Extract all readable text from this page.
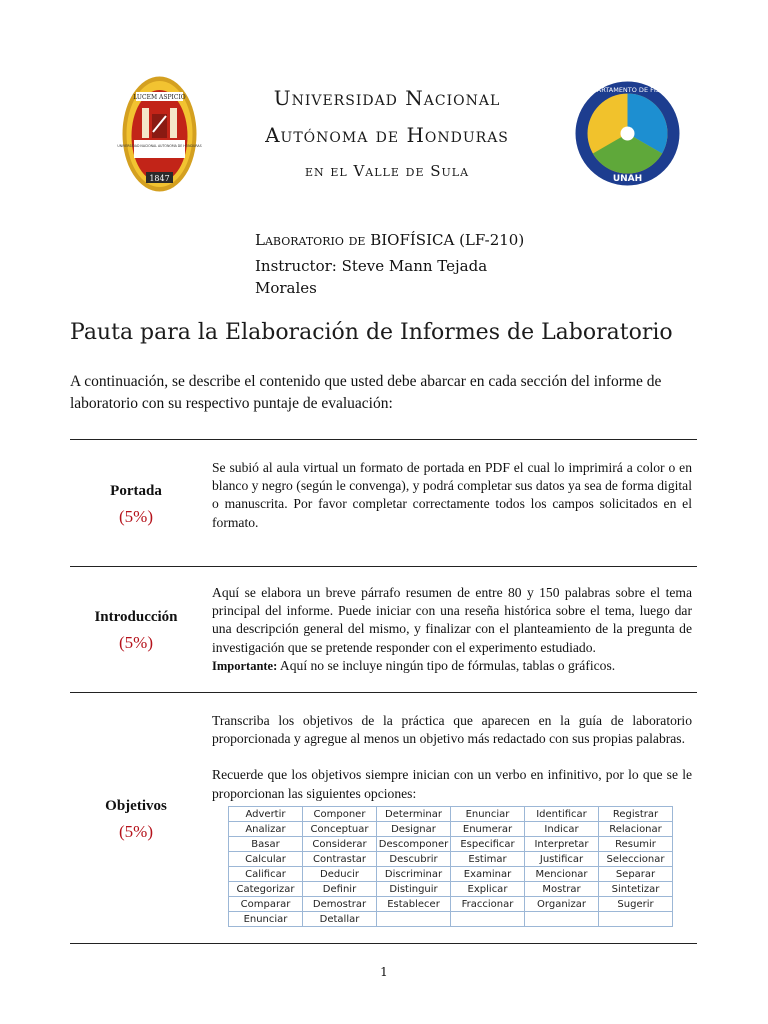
LUCEM ASPICIO
UNIVERSIDAD NACIONAL AUTONOMA DE HONDURAS
1847
Universidad Nacional
Autónoma de Honduras
en el Valle de Sula
DEPARTAMENTO DE FÍSICA
UNAH
Laboratorio de BIOFÍSICA (LF-210)
Instructor: Steve Mann Tejada Morales
Pauta para la Elaboración de Informes de Laboratorio
A continuación, se describe el contenido que usted debe abarcar en cada sección del informe de laboratorio con su respectivo puntaje de evaluación:
Portada
(5%)

Se subió al aula virtual un formato de portada en PDF el cual lo imprimirá a color o en blanco y negro (según le convenga), y podrá completar sus datos ya sea de forma digital o manuscrita. Por favor completar correctamente todos los campos solicitados en el formato.

Introducción
(5%)

Aquí se elabora un breve párrafo resumen de entre 80 y 150 palabras sobre el tema principal del informe. Puede iniciar con una reseña histórica sobre el tema, luego dar una descripción general del mismo, y finalizar con el planteamiento de la pregunta de investigación que se pretende responder con el experimento estudiado.

Importante: Aquí no se incluye ningún tipo de fórmulas, tablas o gráficos.

Objetivos
(5%)

Transcriba los objetivos de la práctica que aparecen en la guía de laboratorio proporcionada y agregue al menos un objetivo más redactado con sus propias palabras.

Recuerde que los objetivos siempre inician con un verbo en infinitivo, por lo que se le proporcionan las siguientes opciones:

Advertir	Componer	Determinar	Enunciar	Identificar	Registrar
Analizar	Conceptuar	Designar	Enumerar	Indicar	Relacionar
Basar	Considerar	Descomponer	Especificar	Interpretar	Resumir
Calcular	Contrastar	Descubrir	Estimar	Justificar	Seleccionar
Calificar	Deducir	Discriminar	Examinar	Mencionar	Separar
Categorizar	Definir	Distinguir	Explicar	Mostrar	Sintetizar
Comparar	Demostrar	Establecer	Fraccionar	Organizar	Sugerir
Enunciar	Detallar				
1
